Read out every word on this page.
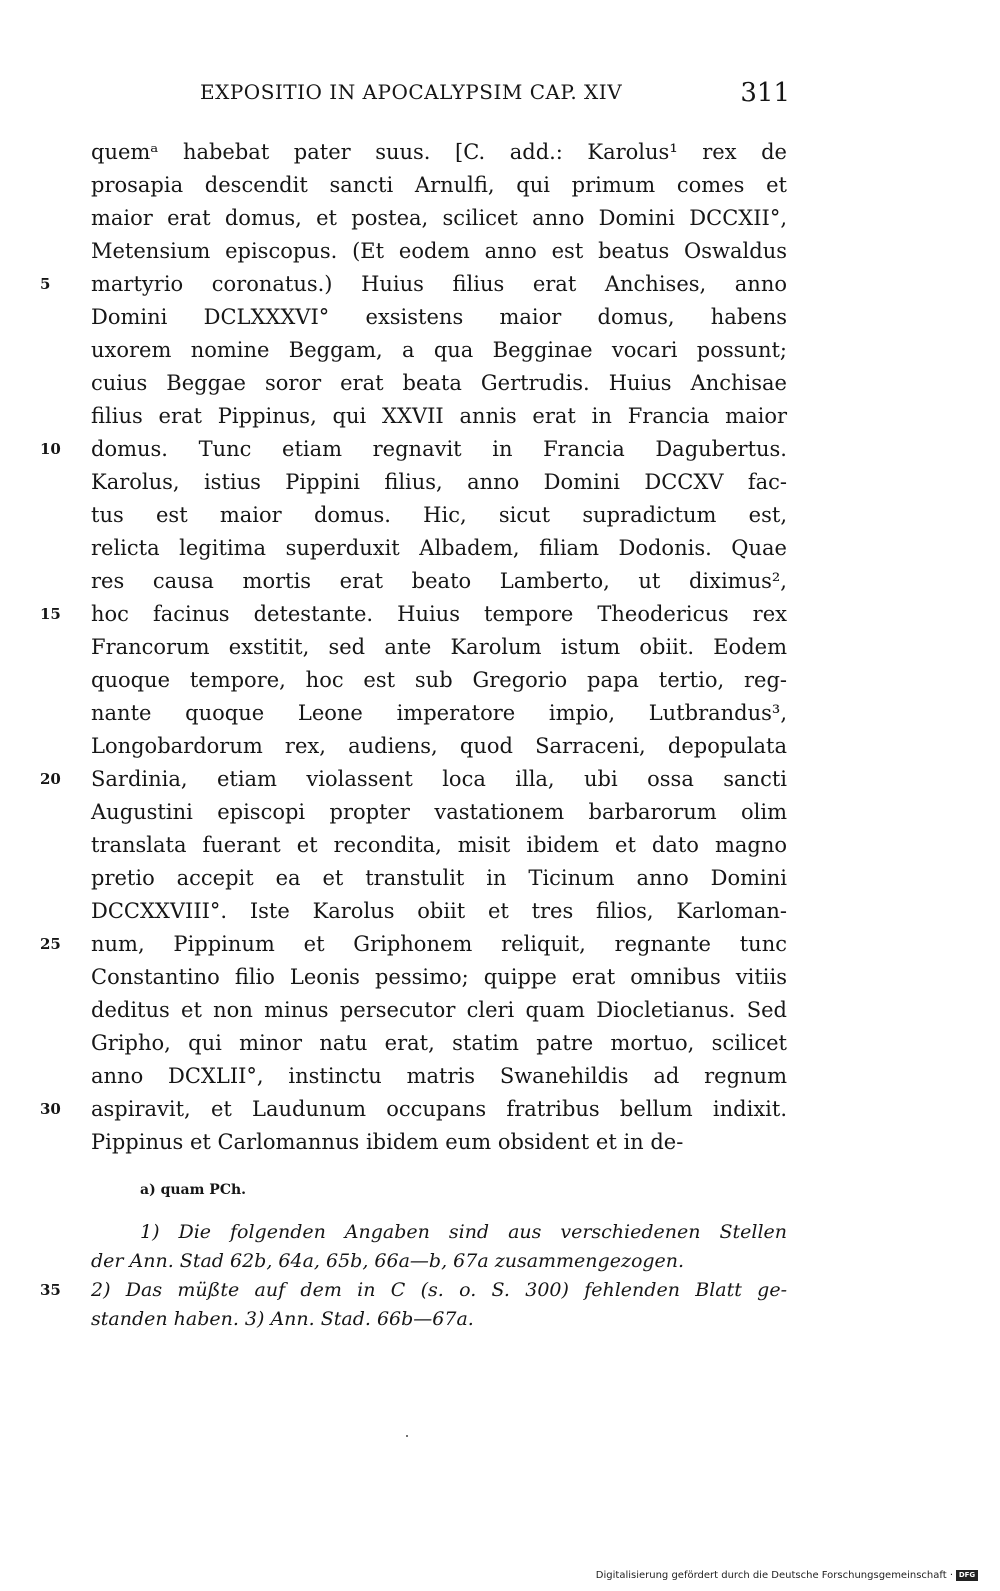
EXPOSITIO IN APOCALYPSIM CAP. XIV	311
quemᵃ habebat pater suus. [C. add.: Karolus¹ rex de
prosapia descendit sancti Arnulfi, qui primum comes et
maior erat domus, et postea, scilicet anno Domini DCCXII°,
Metensium episcopus. (Et eodem anno est beatus Oswaldus
martyrio coronatus.) Huius filius erat Anchises, anno
Domini DCLXXXVI° exsistens maior domus, habens
uxorem nomine Beggam, a qua Begginae vocari possunt;
cuius Beggae soror erat beata Gertrudis. Huius Anchisae
filius erat Pippinus, qui XXVII annis erat in Francia maior
domus. Tunc etiam regnavit in Francia Dagubertus.
Karolus, istius Pippini filius, anno Domini DCCXV fac-
tus est maior domus. Hic, sicut supradictum est,
relicta legitima superduxit Albadem, filiam Dodonis. Quae
res causa mortis erat beato Lamberto, ut diximus²,
hoc facinus detestante. Huius tempore Theodericus rex
Francorum exstitit, sed ante Karolum istum obiit. Eodem
quoque tempore, hoc est sub Gregorio papa tertio, reg-
nante quoque Leone imperatore impio, Lutbrandus³,
Longobardorum rex, audiens, quod Sarraceni, depopulata
Sardinia, etiam violassent loca illa, ubi ossa sancti
Augustini episcopi propter vastationem barbarorum olim
translata fuerant et recondita, misit ibidem et dato magno
pretio accepit ea et transtulit in Ticinum anno Domini
DCCXXVIII°. Iste Karolus obiit et tres filios, Karloman-
num, Pippinum et Griphonem reliquit, regnante tunc
Constantino filio Leonis pessimo; quippe erat omnibus vitiis
deditus et non minus persecutor cleri quam Diocletianus. Sed
Gripho, qui minor natu erat, statim patre mortuo, scilicet
anno DCXLII°, instinctu matris Swanehildis ad regnum
aspiravit, et Laudunum occupans fratribus bellum indixit.
Pippinus et Carlomannus ibidem eum obsident et in de-
5
10
15
20
25
30
a) quam PCh.
1) Die folgenden Angaben sind aus verschiedenen Stellen
der Ann. Stad 62b, 64a, 65b, 66a—b, 67a zusammengezogen.
2) Das müßte auf dem in C (s. o. S. 300) fehlenden Blatt ge-
standen haben. 3) Ann. Stad. 66b—67a.
35
Digitalisierung gefördert durch die Deutsche Forschungsgemeinschaft · DFG
